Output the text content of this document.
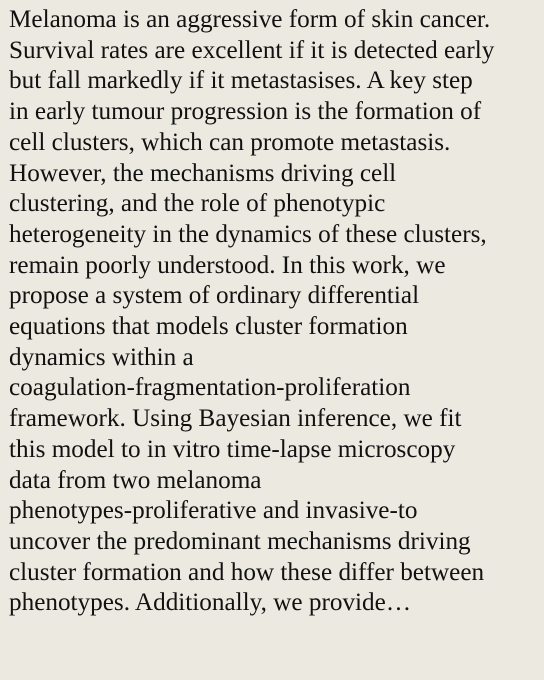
Melanoma is an aggressive form of skin cancer.
Survival rates are excellent if it is detected early
but fall markedly if it metastasises. A key step
in early tumour progression is the formation of
cell clusters, which can promote metastasis.
However, the mechanisms driving cell
clustering, and the role of phenotypic
heterogeneity in the dynamics of these clusters,
remain poorly understood. In this work, we
propose a system of ordinary differential
equations that models cluster formation
dynamics within a
coagulation-fragmentation-proliferation
framework. Using Bayesian inference, we fit
this model to in vitro time-lapse microscopy
data from two melanoma
phenotypes-proliferative and invasive-to
uncover the predominant mechanisms driving
cluster formation and how these differ between
phenotypes. Additionally, we provide…
